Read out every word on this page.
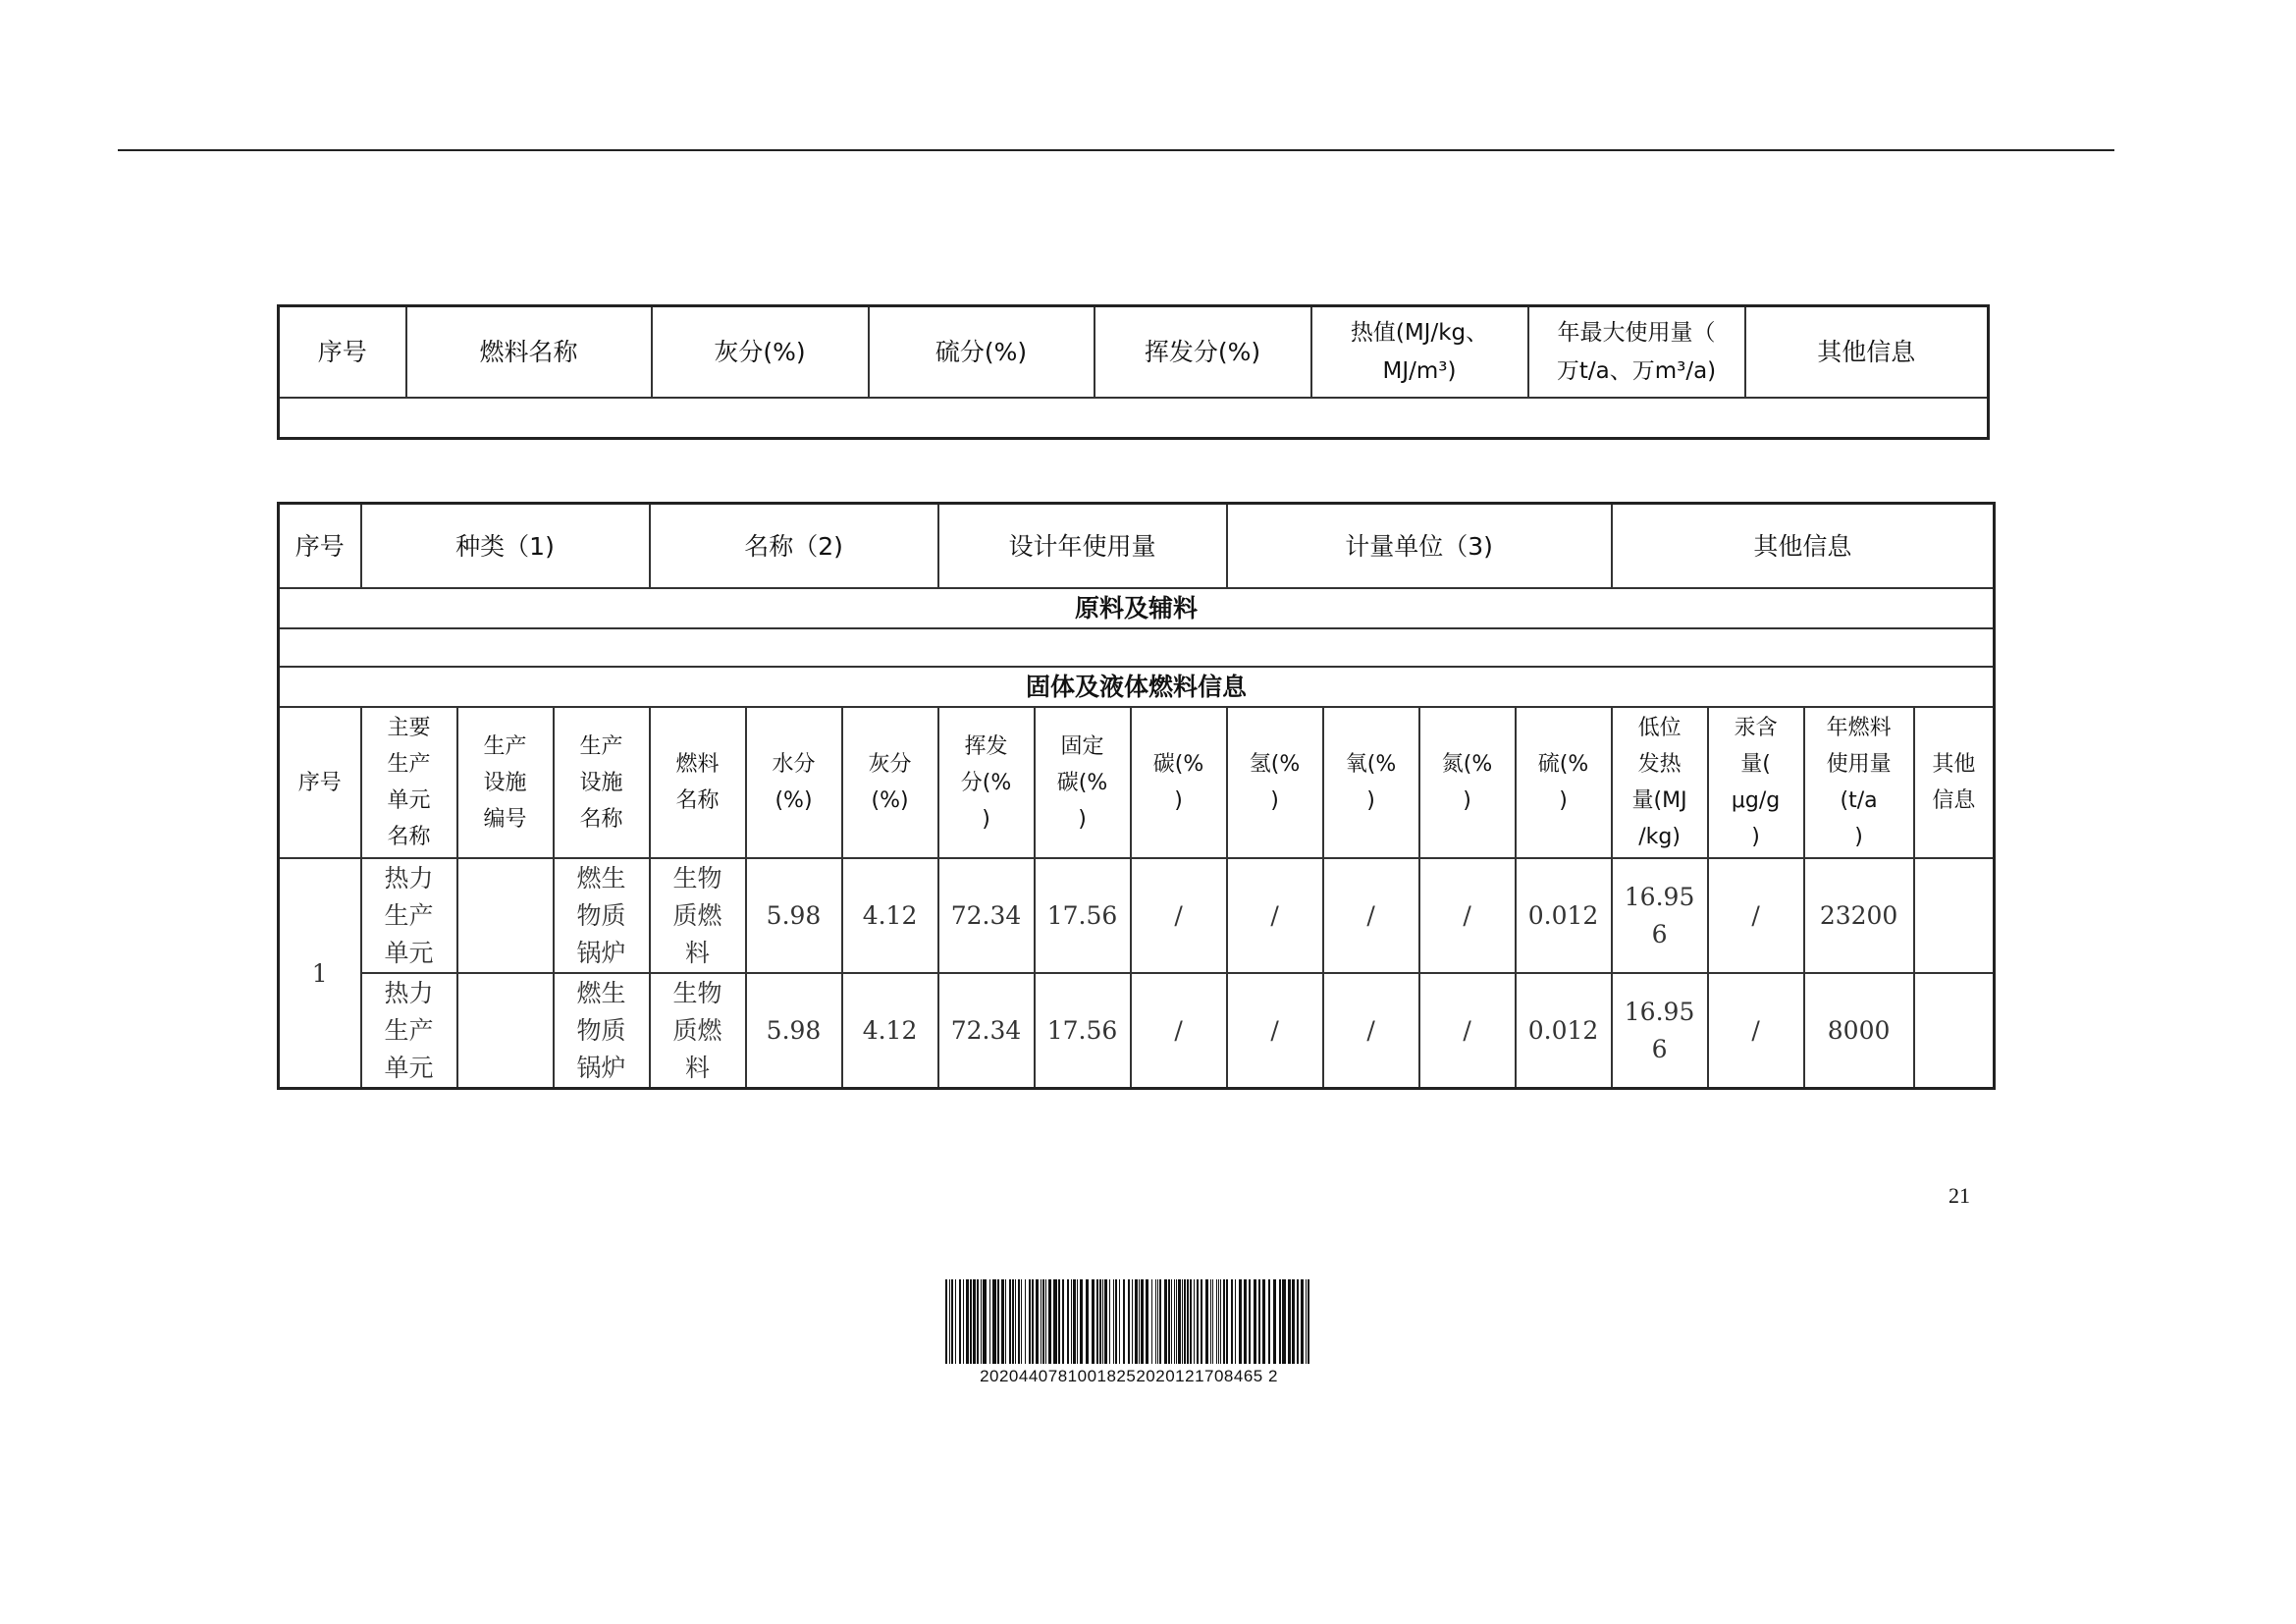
序号	燃料名称	灰分(%)	硫分(%)	挥发分(%)	热值(MJ/kg、
MJ/m³)	年最大使用量（
万t/a、万m³/a)	其他信息

序号	种类（1)			名称（2)			设计年使用量			计量单位（3)				其他信息			
原料及辅料																	

固体及液体燃料信息																	
序号	主要
生产
单元
名称	生产
设施
编号	生产
设施
名称	燃料
名称	水分
(%)	灰分
(%)	挥发
分(%
)	固定
碳(%
)	碳(%
)	氢(%
)	氧(%
)	氮(%
)	硫(%
)	低位
发热
量(MJ
/kg)	汞含
量(
μg/g
)	年燃料
使用量
(t/a
)	其他
信息
1	热力
生产
单元		燃生
物质
锅炉	生物
质燃
料	5.98	4.12	72.34	17.56	/	/	/	/	0.012	16.95
6	/	23200	
	热力
生产
单元		燃生
物质
锅炉	生物
质燃
料	5.98	4.12	72.34	17.56	/	/	/	/	0.012	16.95
6	/	8000	
21
20204407810018252020121708465 2
